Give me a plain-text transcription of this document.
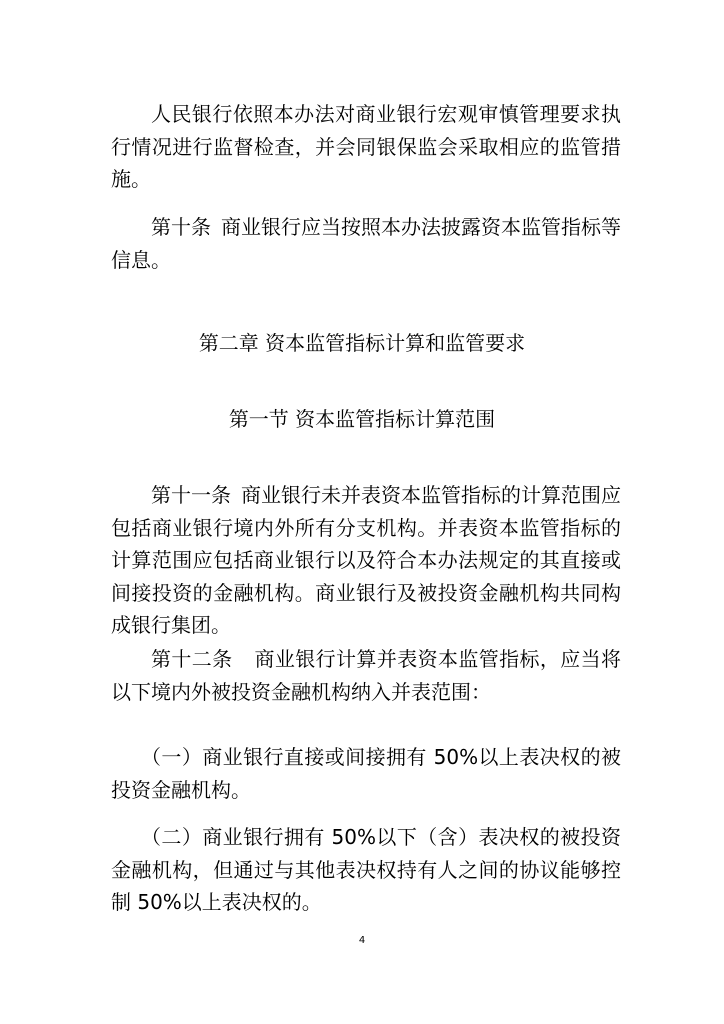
人民银行依照本办法对商业银行宏观审慎管理要求执行情况进行监督检查，并会同银保监会采取相应的监管措施。

第十条 商业银行应当按照本办法披露资本监管指标等信息。

第二章 资本监管指标计算和监管要求
第一节 资本监管指标计算范围

第十一条 商业银行未并表资本监管指标的计算范围应包括商业银行境内外所有分支机构。并表资本监管指标的计算范围应包括商业银行以及符合本办法规定的其直接或间接投资的金融机构。商业银行及被投资金融机构共同构成银行集团。

第十二条 商业银行计算并表资本监管指标，应当将以下境内外被投资金融机构纳入并表范围：

（一）商业银行直接或间接拥有 50%以上表决权的被投资金融机构。

（二）商业银行拥有 50%以下（含）表决权的被投资金融机构，但通过与其他表决权持有人之间的协议能够控制 50%以上表决权的。

4
